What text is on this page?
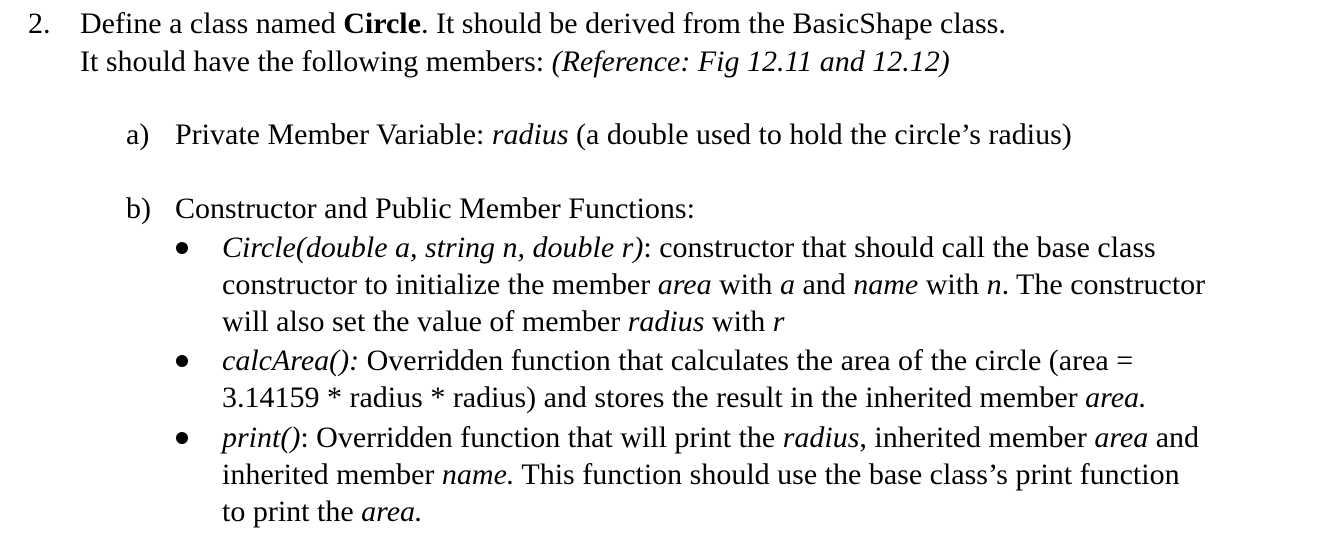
2. Define a class named Circle. It should be derived from the BasicShape class.
It should have the following members: (Reference: Fig 12.11 and 12.12)
a) Private Member Variable: radius (a double used to hold the circle’s radius)
b) Constructor and Public Member Functions:
Circle(double a, string n, double r): constructor that should call the base class
constructor to initialize the member area with a and name with n. The constructor
will also set the value of member radius with r
calcArea(): Overridden function that calculates the area of the circle (area =
3.14159 * radius * radius) and stores the result in the inherited member area.
print(): Overridden function that will print the radius, inherited member area and
inherited member name. This function should use the base class’s print function
to print the area.
